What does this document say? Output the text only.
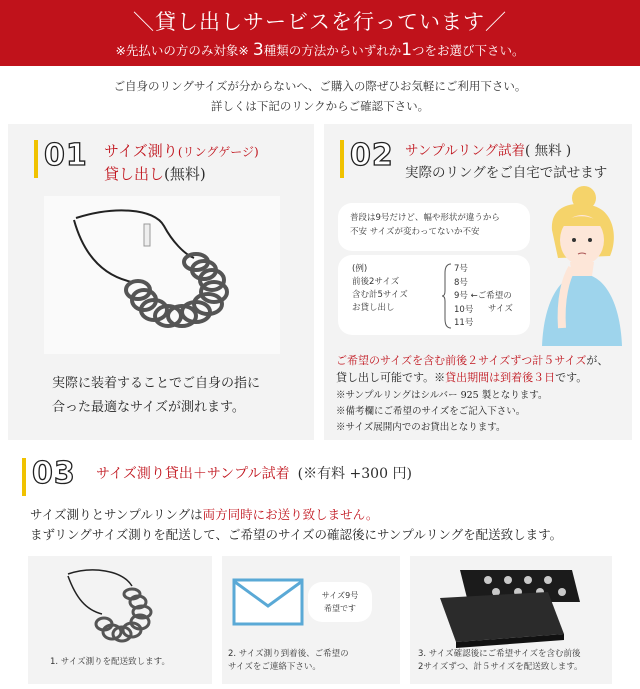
＼貸し出しサービスを行っています／
※先払いの方のみ対象※ 3種類の方法からいずれか1つをお選び下さい。
ご自身のリングサイズが分からないへ、ご購入の際ぜひお気軽にご利用下さい。
詳しくは下記のリンクからご確認下さい。
01 サイズ測り(リングゲージ)
貸し出し(無料)
実際に装着することでご自身の指に
合った最適なサイズが測れます。
02 サンプルリング試着( 無料 )
実際のリングをご自宅で試せます
普段は9号だけど、幅や形状が違うから
不安 サイズが変わってないか不安
(例)
前後2サイズ
含む計5サイズ
お貸し出し
7号
8号
9号 ←ご希望の
10号
11号
サイズ
ご希望のサイズを含む前後２サイズずつ計５サイズが、
貸し出し可能です。※貸出期間は到着後３日です。
※サンプルリングはシルバー 925 製となります。
※備考欄にご希望のサイズをご記入下さい。
※サイズ展開内でのお貸出となります。
03 サイズ測り貸出＋サンプル試着 (※有料 +300 円)
サイズ測りとサンプルリングは両方同時にお送り致しません。
まずリングサイズ測りを配送して、ご希望のサイズの確認後にサンプルリングを配送致します。
1. サイズ測りを配送致します。
サイズ9号
希望です
2. サイズ測り到着後、ご希望の
サイズをご連絡下さい。
3. サイズ確認後にご希望サイズを含む前後
2サイズずつ、計５サイズを配送致します。
